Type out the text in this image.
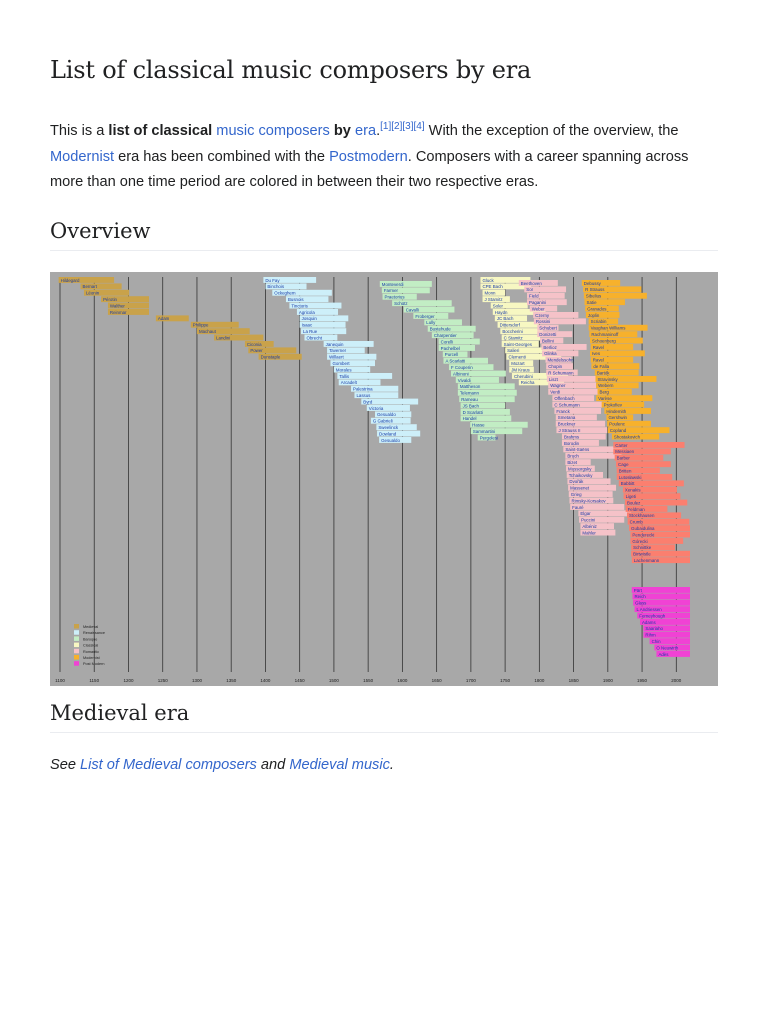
List of classical music composers by era

This is a list of classical music composers by era.[1][2][3][4] With the exception of the overview, the Modernist era has been combined with the Postmodern. Composers with a career spanning across more than one time period are colored in between their two respective eras.

Overview
Medieval era

See List of Medieval composers and Medieval music.

1100	1150	1200	1250	1300	1350	1400	1450	1500	1550	1600	1650	1700	1750	1800	1850	1900	1950	2000
Hildegard
Bernart
Léonin
Pérotin
Walther
Reinmar
Adam
Philippe
Machaut
Landini
Ciconia
Power
Dunstaple
Du Fay
Binchois
Ockeghem
Busnois
Tinctoris
Agricola
Josquin
Isaac
La Rue
Obrecht
Janequin
Taverner
Willaert
Gombert
Morales
Tallis
Arcadelt
Palestrina
Lassus
Byrd
Victoria
Gesualdo
G Gabrieli
Sweelinck
Dowland
Gesualdo
Monteverdi
Farmer
Praetorius
Schütz
Cavalli
Froberger
Lully
Buxtehude
Charpentier
Corelli
Pachelbel
Purcell
A Scarlatti
F Couperin
Albinoni
Vivaldi
Mattheson
Telemann
Rameau
JS Bach
D Scarlatti
Handel
Hasse
Sammartini
Pergolesi
Gluck
CPE Bach
Monn
J Stamitz
Soler
Haydn
JC Bach
Dittersdorf
Boccherini
C Stamitz
Saint-Georges
Salieri
Clementi
Mozart
JM Kraus
Cherubini
Reicha
Beethoven
Sor
Field
Paganini
Weber
Czerny
Rossini
Schubert
Donizetti
Bellini
Berlioz
Glinka
Mendelssohn
Chopin
R Schumann
Liszt
Wagner
Verdi
Offenbach
C Schumann
Franck
Smetana
Bruckner
J Strauss II
Brahms
Borodin
Saint-Saëns
Bruch
Bizet
Mussorgsky
Tchaikovsky
Dvořák
Massenet
Grieg
Rimsky-Korsakov
Fauré
Elgar
Puccini
Albéniz
Mahler
Debussy
R Strauss
Sibelius
Satie
Granados
Joplin
Scriabin
Vaughan Williams
Rachmaninoff
Schoenberg
Ravel
Ives
Ravel
de Falla
Bartók
Stravinsky
Webern
Berg
Varèse
Prokofiev
Hindemith
Gershwin
Poulenc
Copland
Shostakovich
Carter
Messiaen
Barber
Cage
Britten
Lutosławski
Babbitt
Xenakis
Ligeti
Boulez
Feldman
Stockhausen
Crumb
Gubaidulina
Penderecki
Górecki
Schnittke
Birtwistle
Lachenmann
Pärt
Reich
Glass
L Andriessen
Ferneyhough
Adams
Saariaho
Rihm
Chin
O Neuwirth
Adès
Medieval
Renaissance
Baroque
Classical
Romantic
Modernist
Post Modern
